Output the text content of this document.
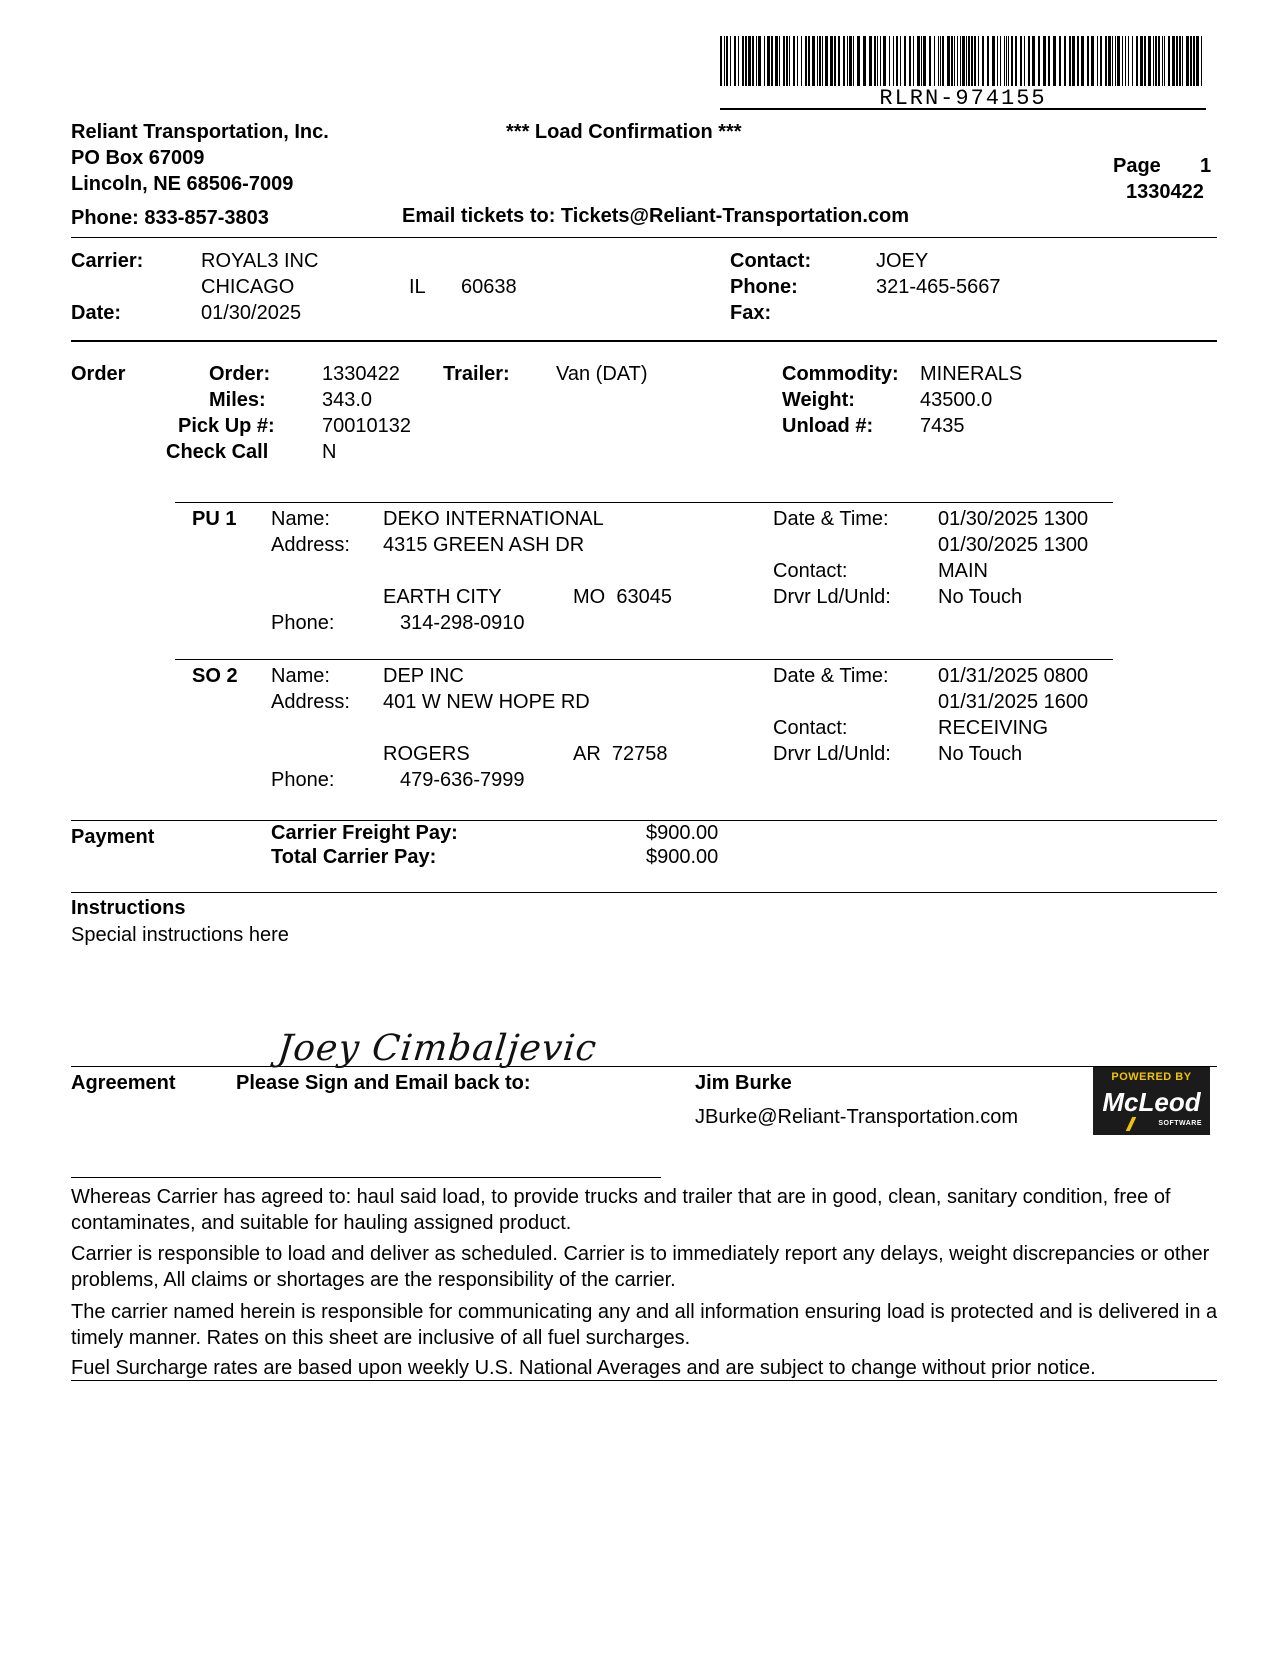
RLRN-974155
Reliant Transportation, Inc.
PO Box 67009
Lincoln, NE 68506-7009
Phone: 833-857-3803
*** Load Confirmation ***
Email tickets to: Tickets@Reliant-Transportation.com
Page 1
1330422
Carrier:	ROYAL3 INC
CHICAGO	IL 60638
Date:	01/30/2025
Contact:	JOEY
Phone:	321-465-5667
Fax:
Order	Order:	1330422
Miles:	343.0
Pick Up #: 70010132
Check Call	N
Trailer: Van (DAT)	Commodity: MINERALS
Weight:	43500.0
Unload #: 7435
PU 1 Name:	DEKO INTERNATIONAL
Address: 4315 GREEN ASH DR
EARTH CITY	MO  63045
Phone:	314-298-0910
Date & Time: 01/30/2025 1300
01/30/2025 1300
Contact:	MAIN
Drvr Ld/Unld: No Touch
SO 2 Name:	DEP INC
Address: 401 W NEW HOPE RD
ROGERS	AR  72758
Phone:	479-636-7999
Date & Time: 01/31/2025 0800
01/31/2025 1600
Contact:	RECEIVING
Drvr Ld/Unld: No Touch
Payment	Carrier Freight Pay:	$900.00
Total Carrier Pay:	$900.00
Instructions
Special instructions here
Joey Cimbaljevic
Agreement	Please Sign and Email back to:	Jim Burke
JBurke@Reliant-Transportation.com
POWERED BY
McLeod
SOFTWARE
Whereas Carrier has agreed to: haul said load, to provide trucks and trailer that are in good, clean, sanitary condition, free of contaminates, and suitable for hauling assigned product.
Carrier is responsible to load and deliver as scheduled. Carrier is to immediately report any delays, weight discrepancies or other problems, All claims or shortages are the responsibility of the carrier.
The carrier named herein is responsible for communicating any and all information ensuring load is protected and is delivered in a timely manner. Rates on this sheet are inclusive of all fuel surcharges.
Fuel Surcharge rates are based upon weekly U.S. National Averages and are subject to change without prior notice.
